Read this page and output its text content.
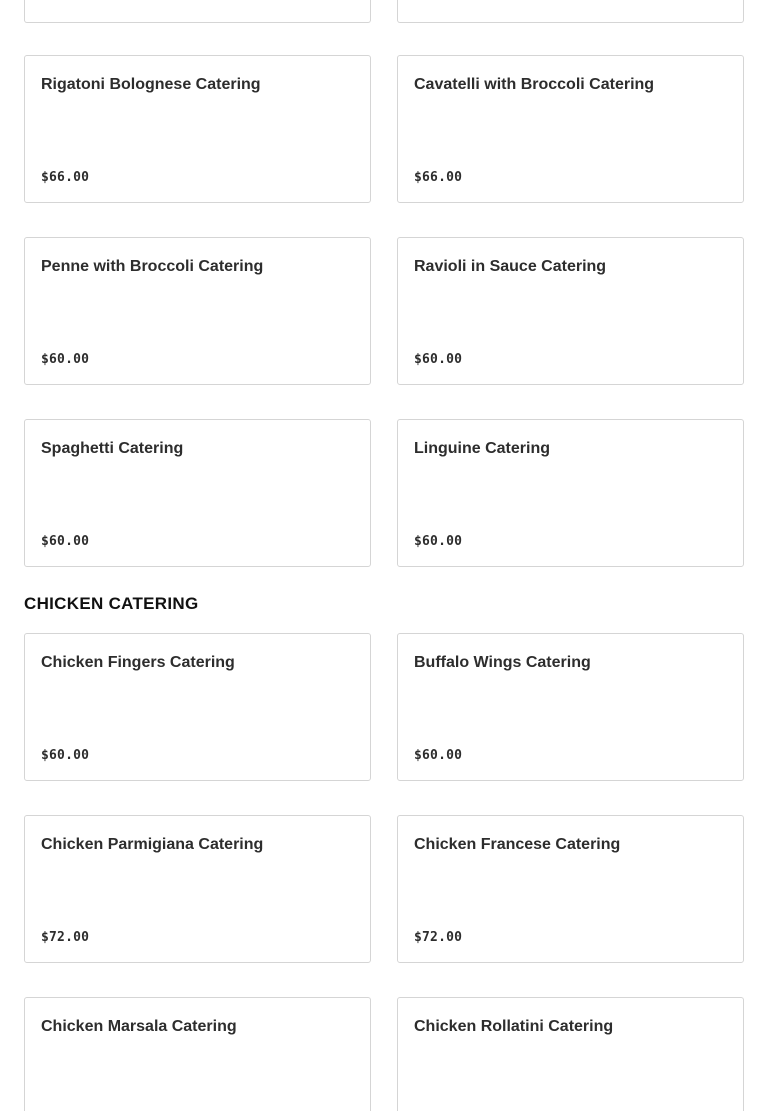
Rigatoni Bolognese Catering
$66.00
Cavatelli with Broccoli Catering
$66.00
Penne with Broccoli Catering
$60.00
Ravioli in Sauce Catering
$60.00
Spaghetti Catering
$60.00
Linguine Catering
$60.00
CHICKEN CATERING
Chicken Fingers Catering
$60.00
Buffalo Wings Catering
$60.00
Chicken Parmigiana Catering
$72.00
Chicken Francese Catering
$72.00
Chicken Marsala Catering	Chicken Rollatini Catering
